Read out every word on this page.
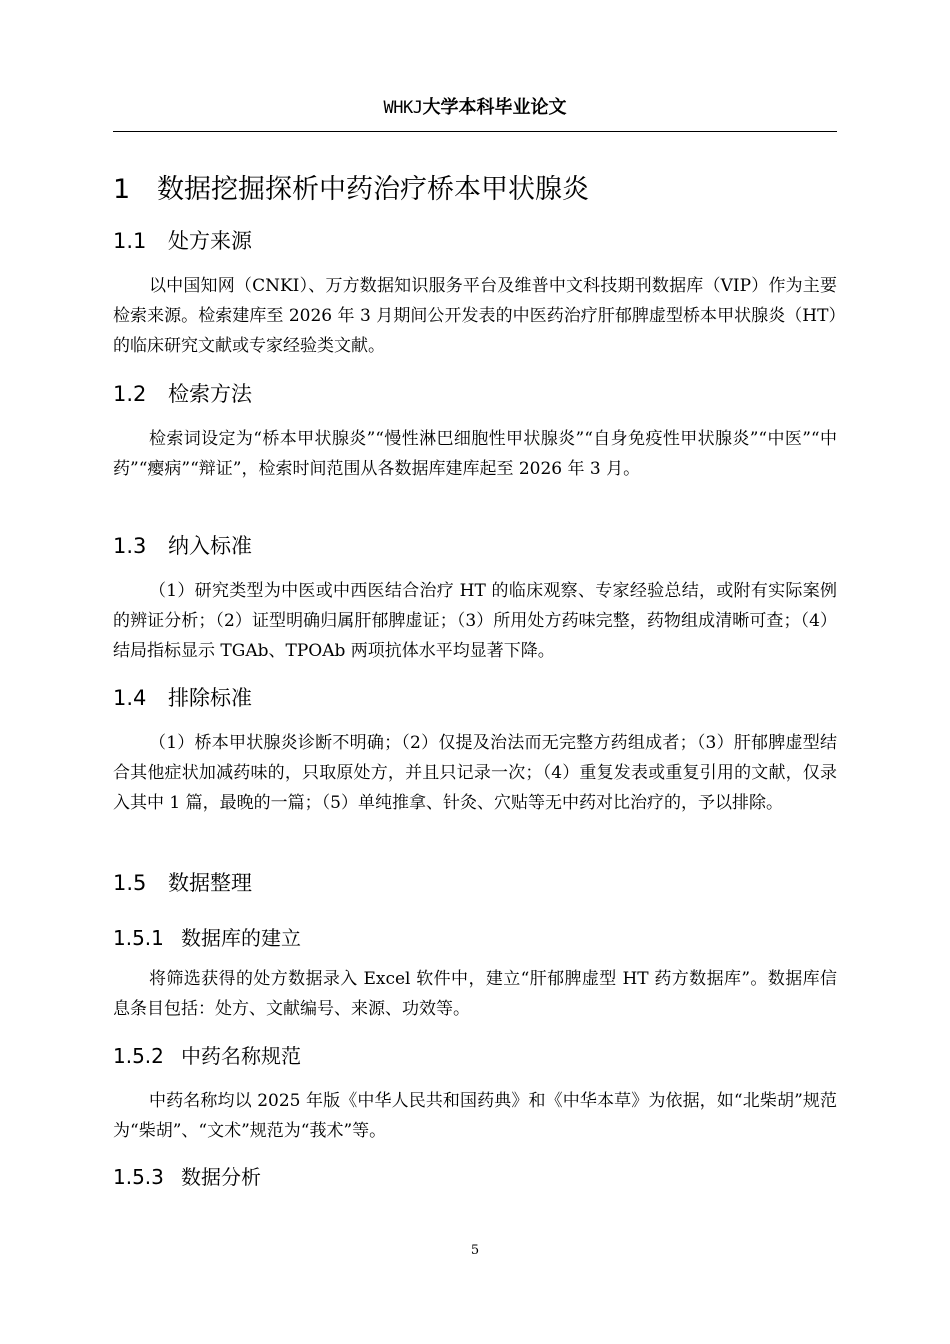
WHKJ大学本科毕业论文
1 数据挖掘探析中药治疗桥本甲状腺炎
1.1 处方来源
以中国知网（CNKI）、万方数据知识服务平台及维普中文科技期刊数据库（VIP）作为主要检索来源。检索建库至 2026 年 3 月期间公开发表的中医药治疗肝郁脾虚型桥本甲状腺炎（HT）的临床研究文献或专家经验类文献。
1.2 检索方法
检索词设定为“桥本甲状腺炎”“慢性淋巴细胞性甲状腺炎”“自身免疫性甲状腺炎”“中医”“中药”“瘿病”“辩证”，检索时间范围从各数据库建库起至 2026 年 3 月。
1.3 纳入标准
（1）研究类型为中医或中西医结合治疗 HT 的临床观察、专家经验总结，或附有实际案例的辨证分析；（2）证型明确归属肝郁脾虚证；（3）所用处方药味完整，药物组成清晰可查；（4）结局指标显示 TGAb、TPOAb 两项抗体水平均显著下降。
1.4 排除标准
（1）桥本甲状腺炎诊断不明确；（2）仅提及治法而无完整方药组成者；（3）肝郁脾虚型结合其他症状加减药味的，只取原处方，并且只记录一次；（4）重复发表或重复引用的文献，仅录入其中 1 篇，最晚的一篇；（5）单纯推拿、针灸、穴贴等无中药对比治疗的，予以排除。
1.5 数据整理
1.5.1 数据库的建立
将筛选获得的处方数据录入 Excel 软件中，建立“肝郁脾虚型 HT 药方数据库”。数据库信息条目包括：处方、文献编号、来源、功效等。
1.5.2 中药名称规范
中药名称均以 2025 年版《中华人民共和国药典》和《中华本草》为依据，如“北柴胡”规范为“柴胡”、“文术”规范为“莪术”等。
1.5.3 数据分析
5
